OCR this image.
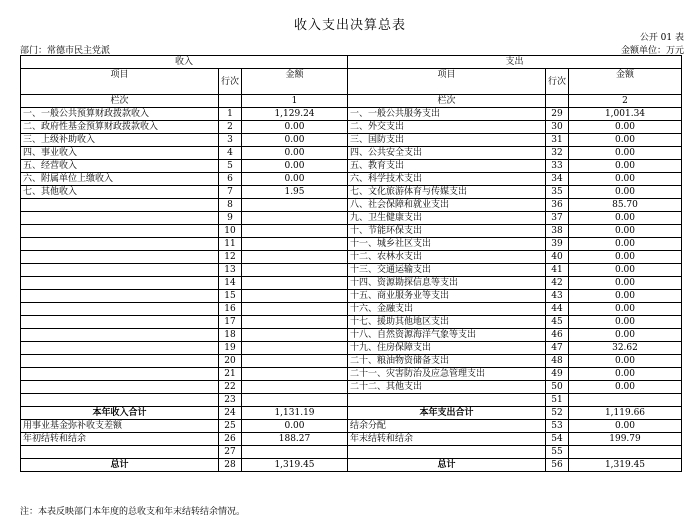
收入支出决算总表
公开 01 表
部门：常德市民主党派	金额单位：万元
收入			支出		
项目	行次	金额	项目	行次	金额
栏次		1	栏次		2
一、一般公共预算财政拨款收入	1	1,129.24	一、一般公共服务支出	29	1,001.34
二、政府性基金预算财政拨款收入	2	0.00	二、外交支出	30	0.00
三、上级补助收入	3	0.00	三、国防支出	31	0.00
四、事业收入	4	0.00	四、公共安全支出	32	0.00
五、经营收入	5	0.00	五、教育支出	33	0.00
六、附属单位上缴收入	6	0.00	六、科学技术支出	34	0.00
七、其他收入	7	1.95	七、文化旅游体育与传媒支出	35	0.00
	8		八、社会保障和就业支出	36	85.70
	9		九、卫生健康支出	37	0.00
	10		十、节能环保支出	38	0.00
	11		十一、城乡社区支出	39	0.00
	12		十二、农林水支出	40	0.00
	13		十三、交通运输支出	41	0.00
	14		十四、资源勘探信息等支出	42	0.00
	15		十五、商业服务业等支出	43	0.00
	16		十六、金融支出	44	0.00
	17		十七、援助其他地区支出	45	0.00
	18		十八、自然资源海洋气象等支出	46	0.00
	19		十九、住房保障支出	47	32.62
	20		二十、粮油物资储备支出	48	0.00
	21		二十一、灾害防治及应急管理支出	49	0.00
	22		二十二、其他支出	50	0.00
	23			51	
本年收入合计	24	1,131.19	本年支出合计	52	1,119.66
用事业基金弥补收支差额	25	0.00	结余分配	53	0.00
年初结转和结余	26	188.27	年末结转和结余	54	199.79
	27			55	
总计	28	1,319.45	总计	56	1,319.45
注：本表反映部门本年度的总收支和年末结转结余情况。
